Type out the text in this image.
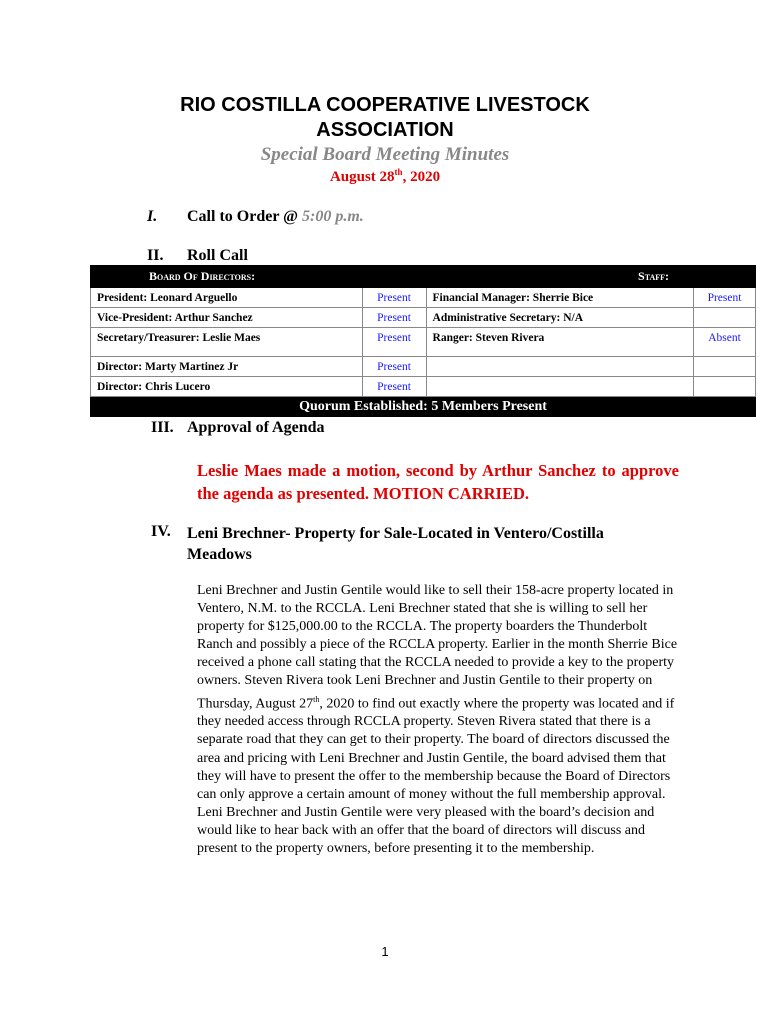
RIO COSTILLA COOPERATIVE LIVESTOCK
ASSOCIATION
Special Board Meeting Minutes
August 28th, 2020
I. Call to Order @ 5:00 p.m.
II. Roll Call
Board Of Directors:		Staff:	
President: Leonard Arguello	Present	Financial Manager: Sherrie Bice	Present
Vice-President: Arthur Sanchez	Present	Administrative Secretary: N/A	
Secretary/Treasurer: Leslie Maes	Present	Ranger: Steven Rivera	Absent
Director: Marty Martinez Jr	Present		
Director: Chris Lucero	Present		
Quorum Established: 5 Members Present			
III. Approval of Agenda
Leslie Maes made a motion, second by Arthur Sanchez to approve the agenda as presented. MOTION CARRIED.
IV. Leni Brechner- Property for Sale-Located in Ventero/Costilla Meadows
Leni Brechner and Justin Gentile would like to sell their 158-acre property located in Ventero, N.M. to the RCCLA. Leni Brechner stated that she is willing to sell her property for $125,000.00 to the RCCLA. The property boarders the Thunderbolt Ranch and possibly a piece of the RCCLA property. Earlier in the month Sherrie Bice received a phone call stating that the RCCLA needed to provide a key to the property owners. Steven Rivera took Leni Brechner and Justin Gentile to their property on Thursday, August 27th, 2020 to find out exactly where the property was located and if they needed access through RCCLA property. Steven Rivera stated that there is a separate road that they can get to their property. The board of directors discussed the area and pricing with Leni Brechner and Justin Gentile, the board advised them that they will have to present the offer to the membership because the Board of Directors can only approve a certain amount of money without the full membership approval. Leni Brechner and Justin Gentile were very pleased with the board’s decision and would like to hear back with an offer that the board of directors will discuss and present to the property owners, before presenting it to the membership.
1
